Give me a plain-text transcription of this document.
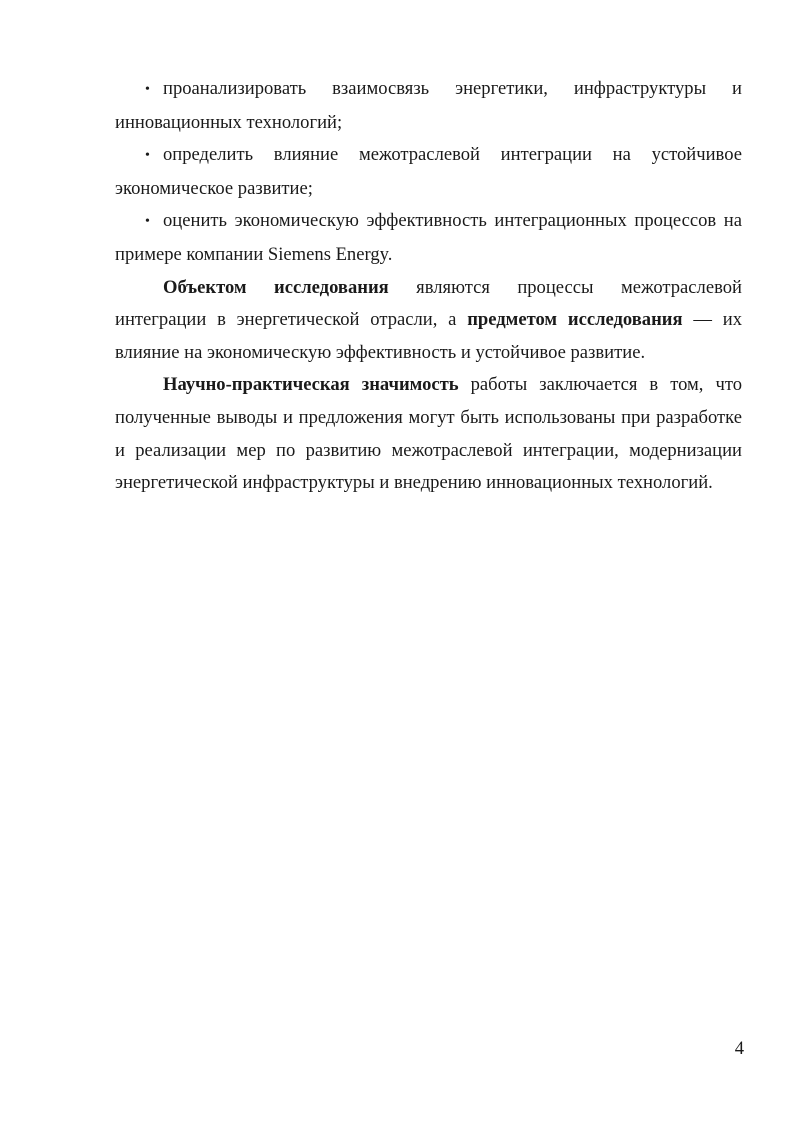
• проанализировать взаимосвязь энергетики, инфраструктуры и инновационных технологий;

• определить влияние межотраслевой интеграции на устойчивое экономическое развитие;

• оценить экономическую эффективность интеграционных процессов на примере компании Siemens Energy.

Объектом исследования являются процессы межотраслевой интеграции в энергетической отрасли, а предметом исследования — их влияние на экономическую эффективность и устойчивое развитие.

Научно-практическая значимость работы заключается в том, что полученные выводы и предложения могут быть использованы при разработке и реализации мер по развитию межотраслевой интеграции, модернизации энергетической инфраструктуры и внедрению инновационных технологий.

4
